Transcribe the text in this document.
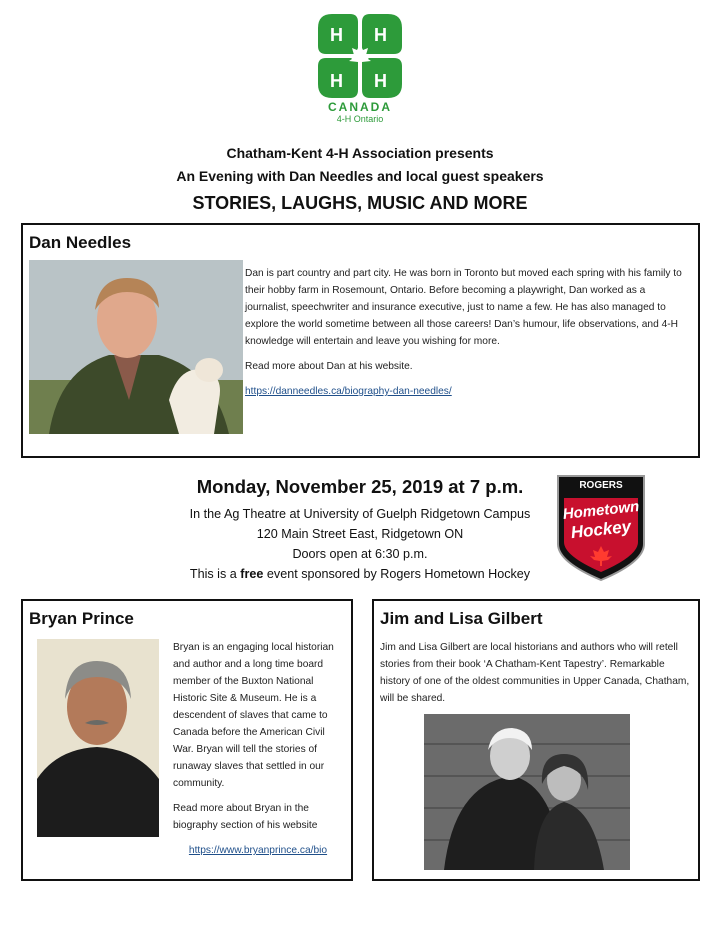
H H
H H
CANADA
4-H Ontario
Chatham-Kent 4-H Association presents
An Evening with Dan Needles and local guest speakers
STORIES, LAUGHS, MUSIC AND MORE
Dan Needles

Dan is part country and part city. He was born in Toronto but moved each spring with his family to their hobby farm in Rosemount, Ontario. Before becoming a playwright, Dan worked as a journalist, speechwriter and insurance executive, just to name a few. He has also managed to explore the world sometime between all those careers! Dan’s humour, life observations, and 4-H knowledge will entertain and leave you wishing for more.

Read more about Dan at his website.

https://danneedles.ca/biography-dan-needles/

Monday, November 25, 2019 at 7 p.m.
In the Ag Theatre at University of Guelph Ridgetown Campus
120 Main Street East, Ridgetown ON
Doors open at 6:30 p.m.
This is a free event sponsored by Rogers Hometown Hockey
ROGERS
Hometown
Hockey
Bryan Prince

Bryan is an engaging local historian and author and a long time board member of the Buxton National Historic Site & Museum. He is a descendent of slaves that came to Canada before the American Civil War. Bryan will tell the stories of runaway slaves that settled in our community.

Read more about Bryan in the biography section of his website

https://www.bryanprince.ca/bio

Jim and Lisa Gilbert

Jim and Lisa Gilbert are local historians and authors who will retell stories from their book ‘A Chatham-Kent Tapestry’. Remarkable history of one of the oldest communities in Upper Canada, Chatham, will be shared.
